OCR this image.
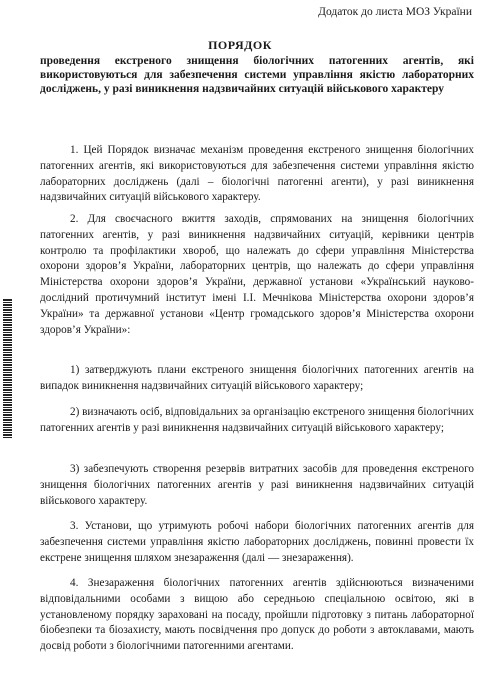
Додаток до листа МОЗ України
ПОРЯДОК
проведення екстреного знищення біологічних патогенних агентів, які використовуються для забезпечення системи управління якістю лабораторних досліджень, у разі виникнення надзвичайних ситуацій військового характеру
1. Цей Порядок визначає механізм проведення екстреного знищення біологічних патогенних агентів, які використовуються для забезпечення системи управління якістю лабораторних досліджень (далі – біологічні патогенні агенти), у разі виникнення надзвичайних ситуацій військового характеру.
2. Для своєчасного вжиття заходів, спрямованих на знищення біологічних патогенних агентів, у разі виникнення надзвичайних ситуацій, керівники центрів контролю та профілактики хвороб, що належать до сфери управління Міністерства охорони здоров’я України, лабораторних центрів, що належать до сфери управління Міністерства охорони здоров’я України, державної установи «Український науково-дослідний протичумний інститут імені І.І. Мечнікова Міністерства охорони здоров’я України» та державної установи «Центр громадського здоров’я Міністерства охорони здоров’я України»:
1) затверджують плани екстреного знищення біологічних патогенних агентів на випадок виникнення надзвичайних ситуацій військового характеру;
2) визначають осіб, відповідальних за організацію екстреного знищення біологічних патогенних агентів у разі виникнення надзвичайних ситуацій військового характеру;
3) забезпечують створення резервів витратних засобів для проведення екстреного знищення біологічних патогенних агентів у разі виникнення надзвичайних ситуацій військового характеру.
3. Установи, що утримують робочі набори біологічних патогенних агентів для забезпечення системи управління якістю лабораторних досліджень, повинні провести їх екстрене знищення шляхом знезараження (далі — знезараження).
4. Знезараження біологічних патогенних агентів здійснюються визначеними відповідальними особами з вищою або середньою спеціальною освітою, які в установленому порядку зараховані на посаду, пройшли підготовку з питань лабораторної біобезпеки та біозахисту, мають посвідчення про допуск до роботи з автоклавами, мають досвід роботи з біологічними патогенними агентами.
